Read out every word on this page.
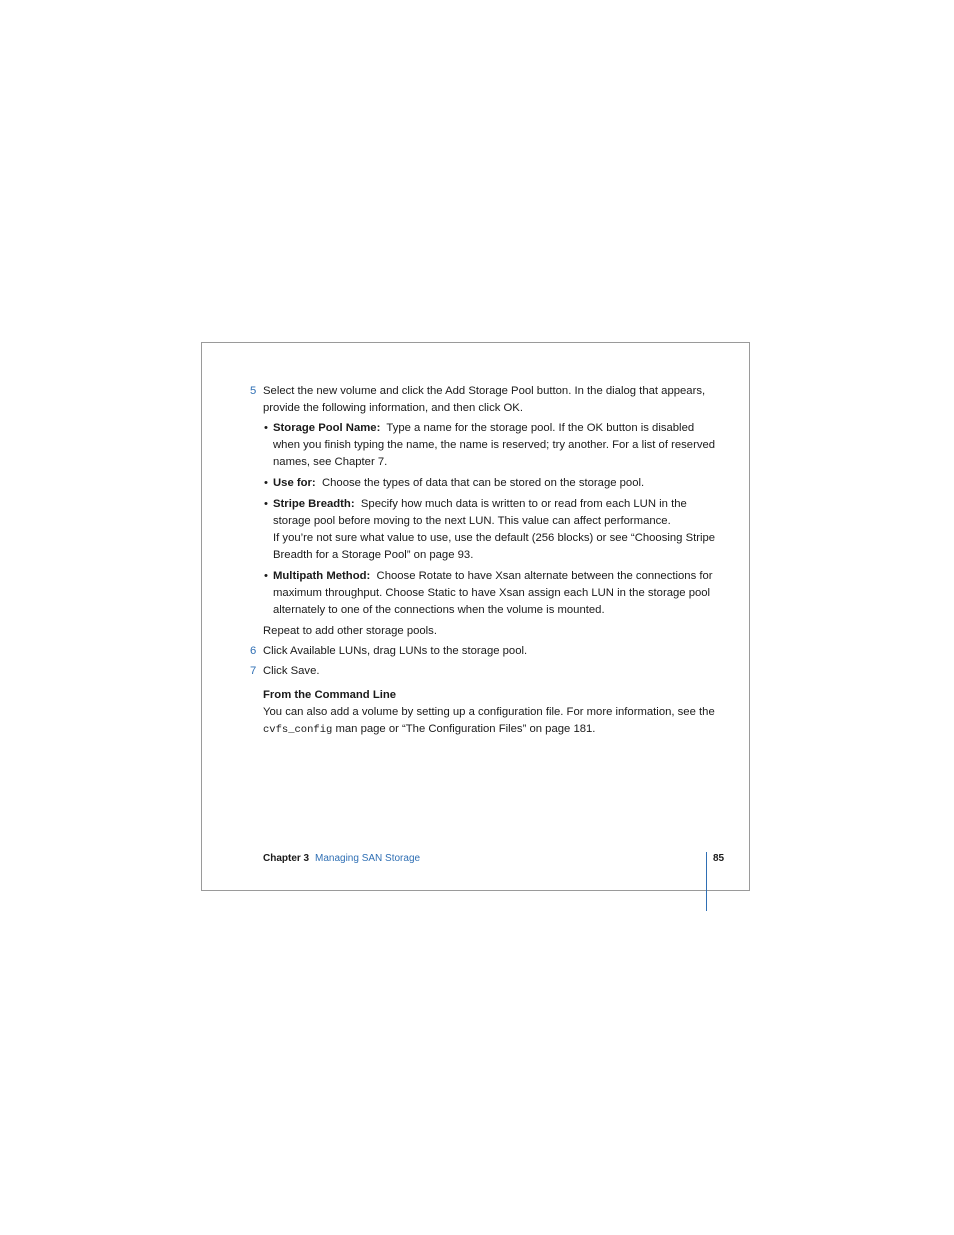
5 Select the new volume and click the Add Storage Pool button. In the dialog that appears, provide the following information, and then click OK.
• Storage Pool Name: Type a name for the storage pool. If the OK button is disabled when you finish typing the name, the name is reserved; try another. For a list of reserved names, see Chapter 7.
• Use for: Choose the types of data that can be stored on the storage pool.
• Stripe Breadth: Specify how much data is written to or read from each LUN in the storage pool before moving to the next LUN. This value can affect performance.
If you’re not sure what value to use, use the default (256 blocks) or see “Choosing Stripe Breadth for a Storage Pool” on page 93.
• Multipath Method: Choose Rotate to have Xsan alternate between the connections for maximum throughput. Choose Static to have Xsan assign each LUN in the storage pool alternately to one of the connections when the volume is mounted.
Repeat to add other storage pools.
6 Click Available LUNs, drag LUNs to the storage pool.
7 Click Save.
From the Command Line
You can also add a volume by setting up a configuration file. For more information, see the cvfs_config man page or “The Configuration Files” on page 181.
Chapter 3 Managing SAN Storage	85
